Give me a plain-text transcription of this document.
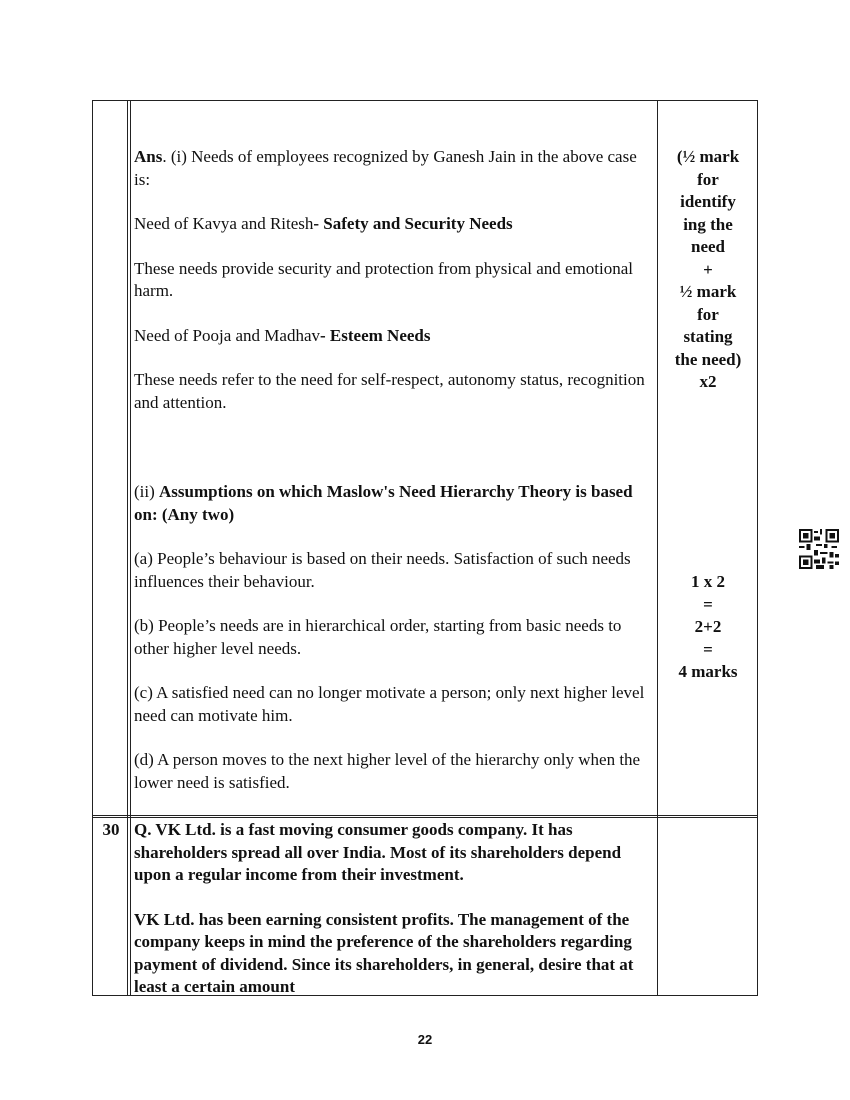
Ans. (i) Needs of employees recognized by Ganesh Jain in the above case is:

Need of Kavya and Ritesh- Safety and Security Needs

These needs provide security and protection from physical and emotional harm.

Need of Pooja and Madhav- Esteem Needs

These needs refer to the need for self-respect, autonomy status, recognition and attention.

(ii) Assumptions on which Maslow's Need Hierarchy Theory is based on: (Any two)

(a) People’s behaviour is based on their needs. Satisfaction of such needs influences their behaviour.

(b) People’s needs are in hierarchical order, starting from basic needs to other higher level needs.

(c) A satisfied need can no longer motivate a person; only next higher level need can motivate him.

(d) A person moves to the next higher level of the hierarchy only when the lower need is satisfied.

(½ mark
for
identify
ing the
need
+
½ mark
for
stating
the need)
x2
1 x 2
=
2+2
=
4 marks
30 Q. VK Ltd. is a fast moving consumer goods company. It has shareholders spread all over India. Most of its shareholders depend upon a regular income from their investment.

VK Ltd. has been earning consistent profits. The management of the company keeps in mind the preference of the shareholders regarding payment of dividend. Since its shareholders, in general, desire that at least a certain amount

22
